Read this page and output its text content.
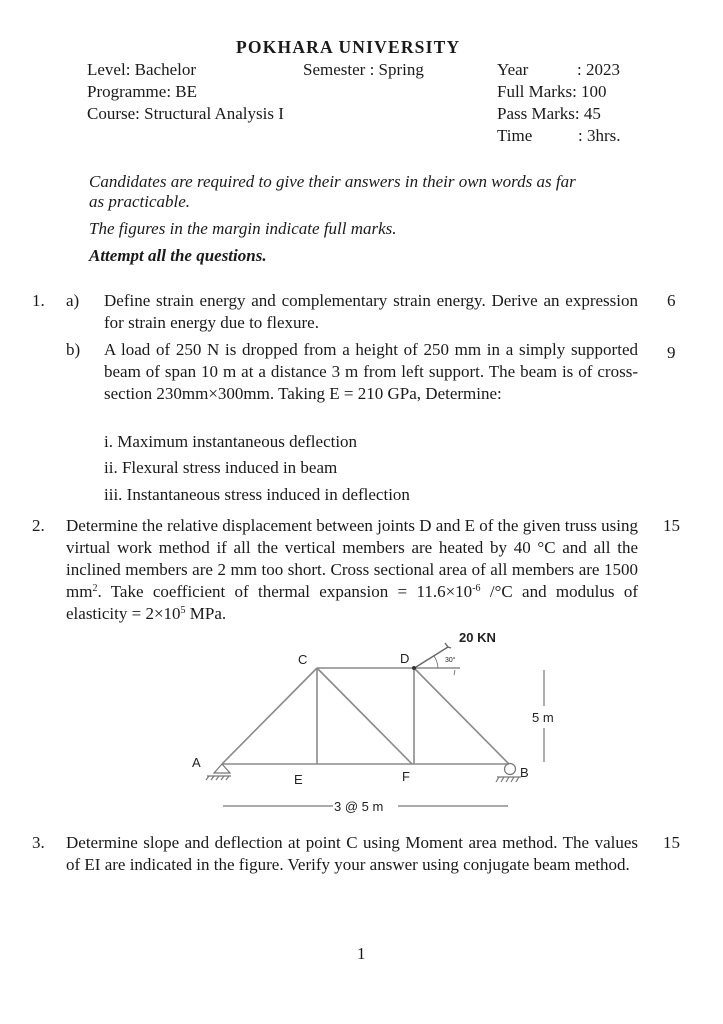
POKHARA UNIVERSITY
Level: Bachelor	Semester : Spring	Year	: 2023
Programme: BE	Full Marks: 100
Course: Structural Analysis I	Pass Marks: 45
Time	: 3hrs.
Candidates are required to give their answers in their own words as far
as practicable.
The figures in the margin indicate full marks.
Attempt all the questions.
1. a) Define strain energy and complementary strain energy. Derive an expression for strain energy due to flexure.
6
b) A load of 250 N is dropped from a height of 250 mm in a simply supported beam of span 10 m at a distance 3 m from left support. The beam is of cross-section 230mm×300mm. Taking E = 210 GPa, Determine:
9
i. Maximum instantaneous deflection
ii. Flexural stress induced in beam
iii. Instantaneous stress induced in deflection
2. Determine the relative displacement between joints D and E of the given truss using virtual work method if all the vertical members are heated by 40 °C and all the inclined members are 2 mm too short. Cross sectional area of all members are 1500 $mm^2$. Take coefficient of thermal expansion = $11.6\times 10^{-6}$ /°C and modulus of elasticity = $2\times 10^5$ MPa.
15
A
B
C	D
E	F
20 KN
30°
5 m
3 @ 5 m
3. Determine slope and deflection at point C using Moment area method. The values of EI are indicated in the figure. Verify your answer using conjugate beam method.
15
1
